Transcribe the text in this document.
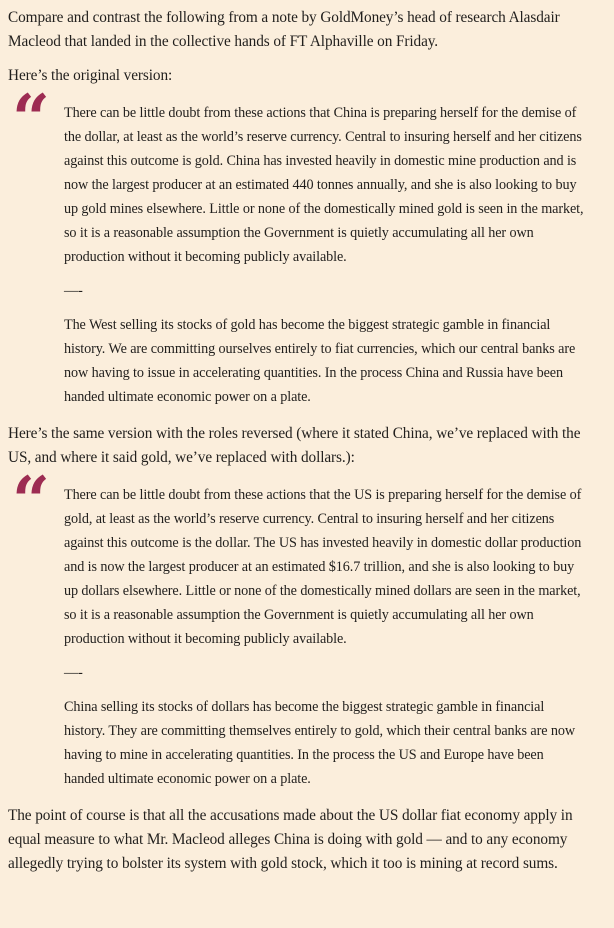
Compare and contrast the following from a note by GoldMoney’s head of research Alasdair Macleod that landed in the collective hands of FT Alphaville on Friday.

Here’s the original version:

“ There can be little doubt from these actions that China is preparing herself for the demise of the dollar, at least as the world’s reserve currency. Central to insuring herself and her citizens against this outcome is gold. China has invested heavily in domestic mine production and is now the largest producer at an estimated 440 tonnes annually, and she is also looking to buy up gold mines elsewhere. Little or none of the domestically mined gold is seen in the market, so it is a reasonable assumption the Government is quietly accumulating all her own production without it becoming publicly available.

—-

The West selling its stocks of gold has become the biggest strategic gamble in financial history. We are committing ourselves entirely to fiat currencies, which our central banks are now having to issue in accelerating quantities. In the process China and Russia have been handed ultimate economic power on a plate.

Here’s the same version with the roles reversed (where it stated China, we’ve replaced with the US, and where it said gold, we’ve replaced with dollars.):

“ There can be little doubt from these actions that the US is preparing herself for the demise of gold, at least as the world’s reserve currency. Central to insuring herself and her citizens against this outcome is the dollar. The US has invested heavily in domestic dollar production and is now the largest producer at an estimated $16.7 trillion, and she is also looking to buy up dollars elsewhere. Little or none of the domestically mined dollars are seen in the market, so it is a reasonable assumption the Government is quietly accumulating all her own production without it becoming publicly available.

—-

China selling its stocks of dollars has become the biggest strategic gamble in financial history. They are committing themselves entirely to gold, which their central banks are now having to mine in accelerating quantities. In the process the US and Europe have been handed ultimate economic power on a plate.

The point of course is that all the accusations made about the US dollar fiat economy apply in equal measure to what Mr. Macleod alleges China is doing with gold — and to any economy allegedly trying to bolster its system with gold stock, which it too is mining at record sums.
